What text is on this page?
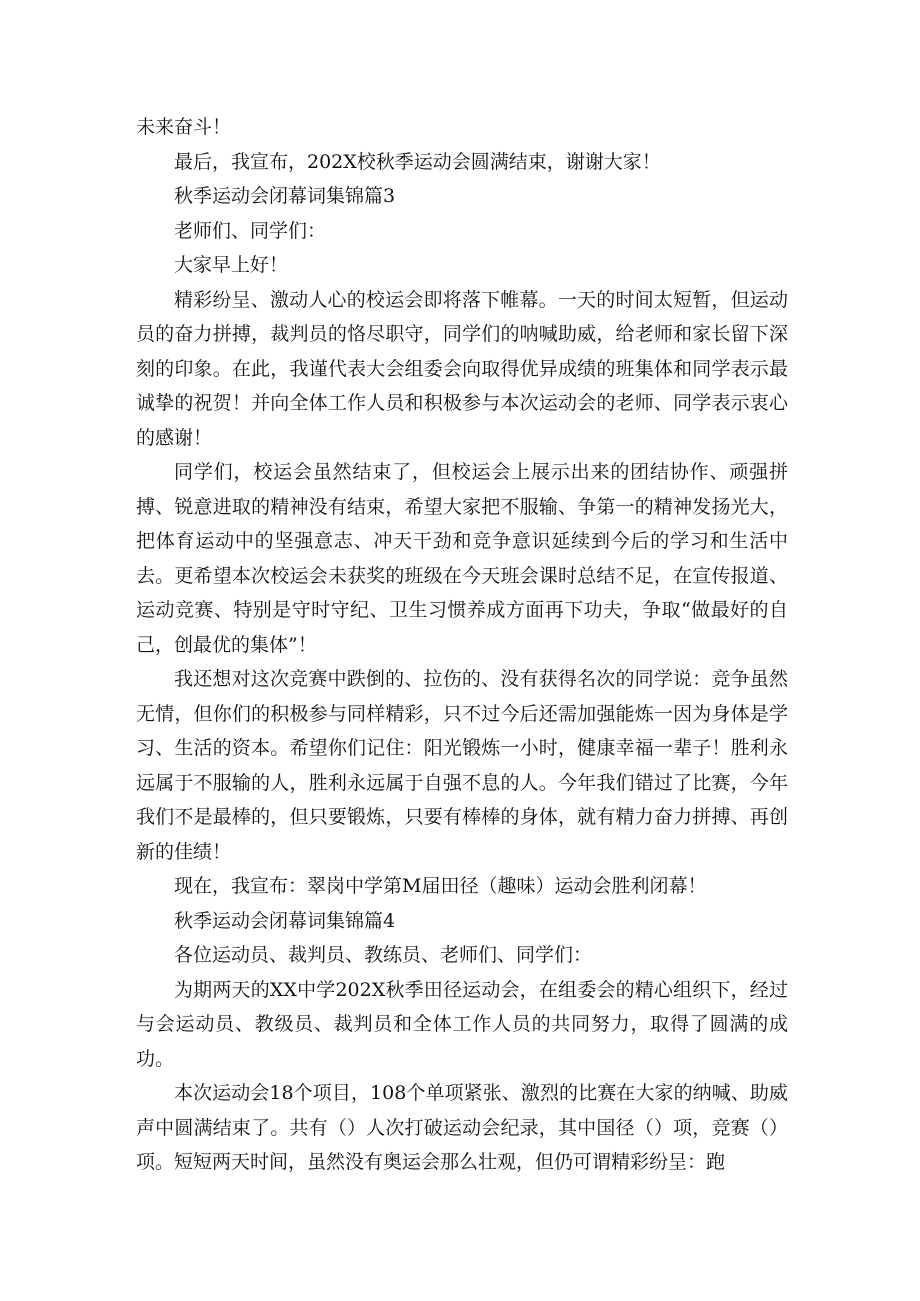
未来奋斗！

最后，我宣布，202X校秋季运动会圆满结束，谢谢大家！

秋季运动会闭幕词集锦篇3

老师们、同学们：

大家早上好！

精彩纷呈、激动人心的校运会即将落下帷幕。一天的时间太短暂，但运动员的奋力拼搏，裁判员的恪尽职守，同学们的呐喊助威，给老师和家长留下深刻的印象。在此，我谨代表大会组委会向取得优异成绩的班集体和同学表示最诚挚的祝贺！并向全体工作人员和积极参与本次运动会的老师、同学表示衷心的感谢！

同学们，校运会虽然结束了，但校运会上展示出来的团结协作、顽强拼搏、锐意进取的精神没有结束，希望大家把不服输、争第一的精神发扬光大，把体育运动中的坚强意志、冲天干劲和竞争意识延续到今后的学习和生活中去。更希望本次校运会未获奖的班级在今天班会课时总结不足，在宣传报道、运动竞赛、特别是守时守纪、卫生习惯养成方面再下功夫，争取“做最好的自己，创最优的集体”！

我还想对这次竞赛中跌倒的、拉伤的、没有获得名次的同学说：竞争虽然无情，但你们的积极参与同样精彩，只不过今后还需加强能炼一因为身体是学习、生活的资本。希望你们记住：阳光锻炼一小时，健康幸福一辈子！胜利永远属于不服输的人，胜利永远属于自强不息的人。今年我们错过了比赛，今年我们不是最棒的，但只要锻炼，只要有棒棒的身体，就有精力奋力拼搏、再创新的佳绩！

现在，我宣布：翠岗中学第M届田径（趣味）运动会胜利闭幕！

秋季运动会闭幕词集锦篇4

各位运动员、裁判员、教练员、老师们、同学们：

为期两天的XX中学202X秋季田径运动会，在组委会的精心组织下，经过与会运动员、教级员、裁判员和全体工作人员的共同努力，取得了圆满的成功。

本次运动会18个项目，108个单项紧张、激烈的比赛在大家的纳喊、助威声中圆满结束了。共有（）人次打破运动会纪录，其中国径（）项，竞赛（）项。短短两天时间，虽然没有奥运会那么壮观，但仍可谓精彩纷呈：跑
